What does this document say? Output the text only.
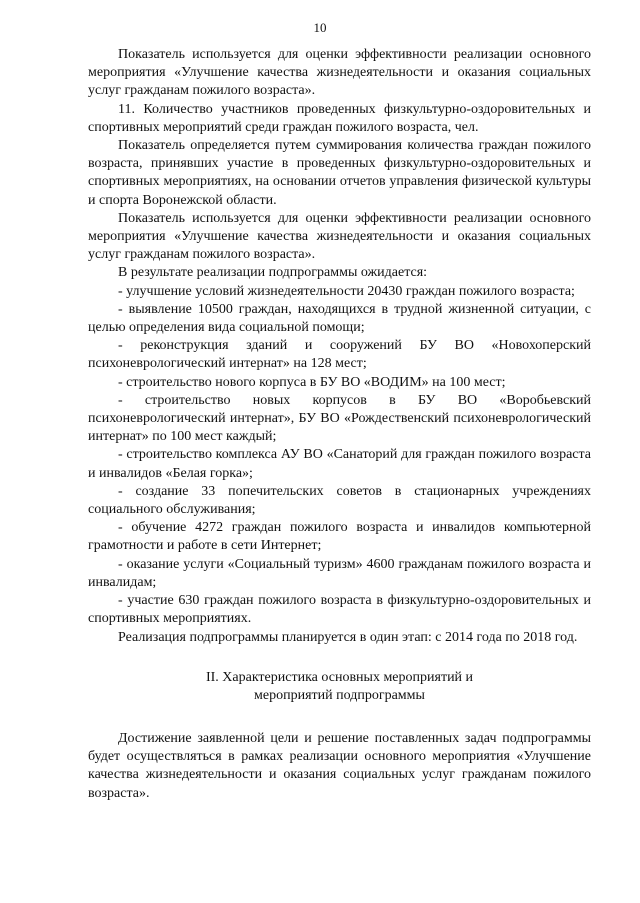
10

Показатель используется для оценки эффективности реализации основного мероприятия «Улучшение качества жизнедеятельности и оказания социальных услуг гражданам пожилого возраста».

11. Количество участников проведенных физкультурно-оздоровительных и спортивных мероприятий среди граждан пожилого возраста, чел.

Показатель определяется путем суммирования количества граждан пожилого возраста, принявших участие в проведенных физкультурно-оздоровительных и спортивных мероприятиях, на основании отчетов управления физической культуры и спорта Воронежской области.

Показатель используется для оценки эффективности реализации основного мероприятия «Улучшение качества жизнедеятельности и оказания социальных услуг гражданам пожилого возраста».

В результате реализации подпрограммы ожидается:

- улучшение условий жизнедеятельности 20430 граждан пожилого возраста;

- выявление 10500 граждан, находящихся в трудной жизненной ситуации, с целью определения вида социальной помощи;

- реконструкция зданий и сооружений БУ ВО «Новохоперский психоневрологический интернат» на 128 мест;

- строительство нового корпуса в БУ ВО «ВОДИМ» на 100 мест;

- строительство новых корпусов в БУ ВО «Воробьевский психоневрологический интернат», БУ ВО «Рождественский психоневрологический интернат» по 100 мест каждый;

- строительство комплекса АУ ВО «Санаторий для граждан пожилого возраста и инвалидов «Белая горка»;

- создание 33 попечительских советов в стационарных учреждениях социального обслуживания;

- обучение 4272 граждан пожилого возраста и инвалидов компьютерной грамотности и работе в сети Интернет;

- оказание услуги «Социальный туризм» 4600 гражданам пожилого возраста и инвалидам;

- участие 630 граждан пожилого возраста в физкультурно-оздоровительных и спортивных мероприятиях.

Реализация подпрограммы планируется в один этап: с 2014 года по 2018 год.

II. Характеристика основных мероприятий и
мероприятий подпрограммы

Достижение заявленной цели и решение поставленных задач подпрограммы будет осуществляться в рамках реализации основного мероприятия «Улучшение качества жизнедеятельности и оказания социальных услуг гражданам пожилого возраста».
